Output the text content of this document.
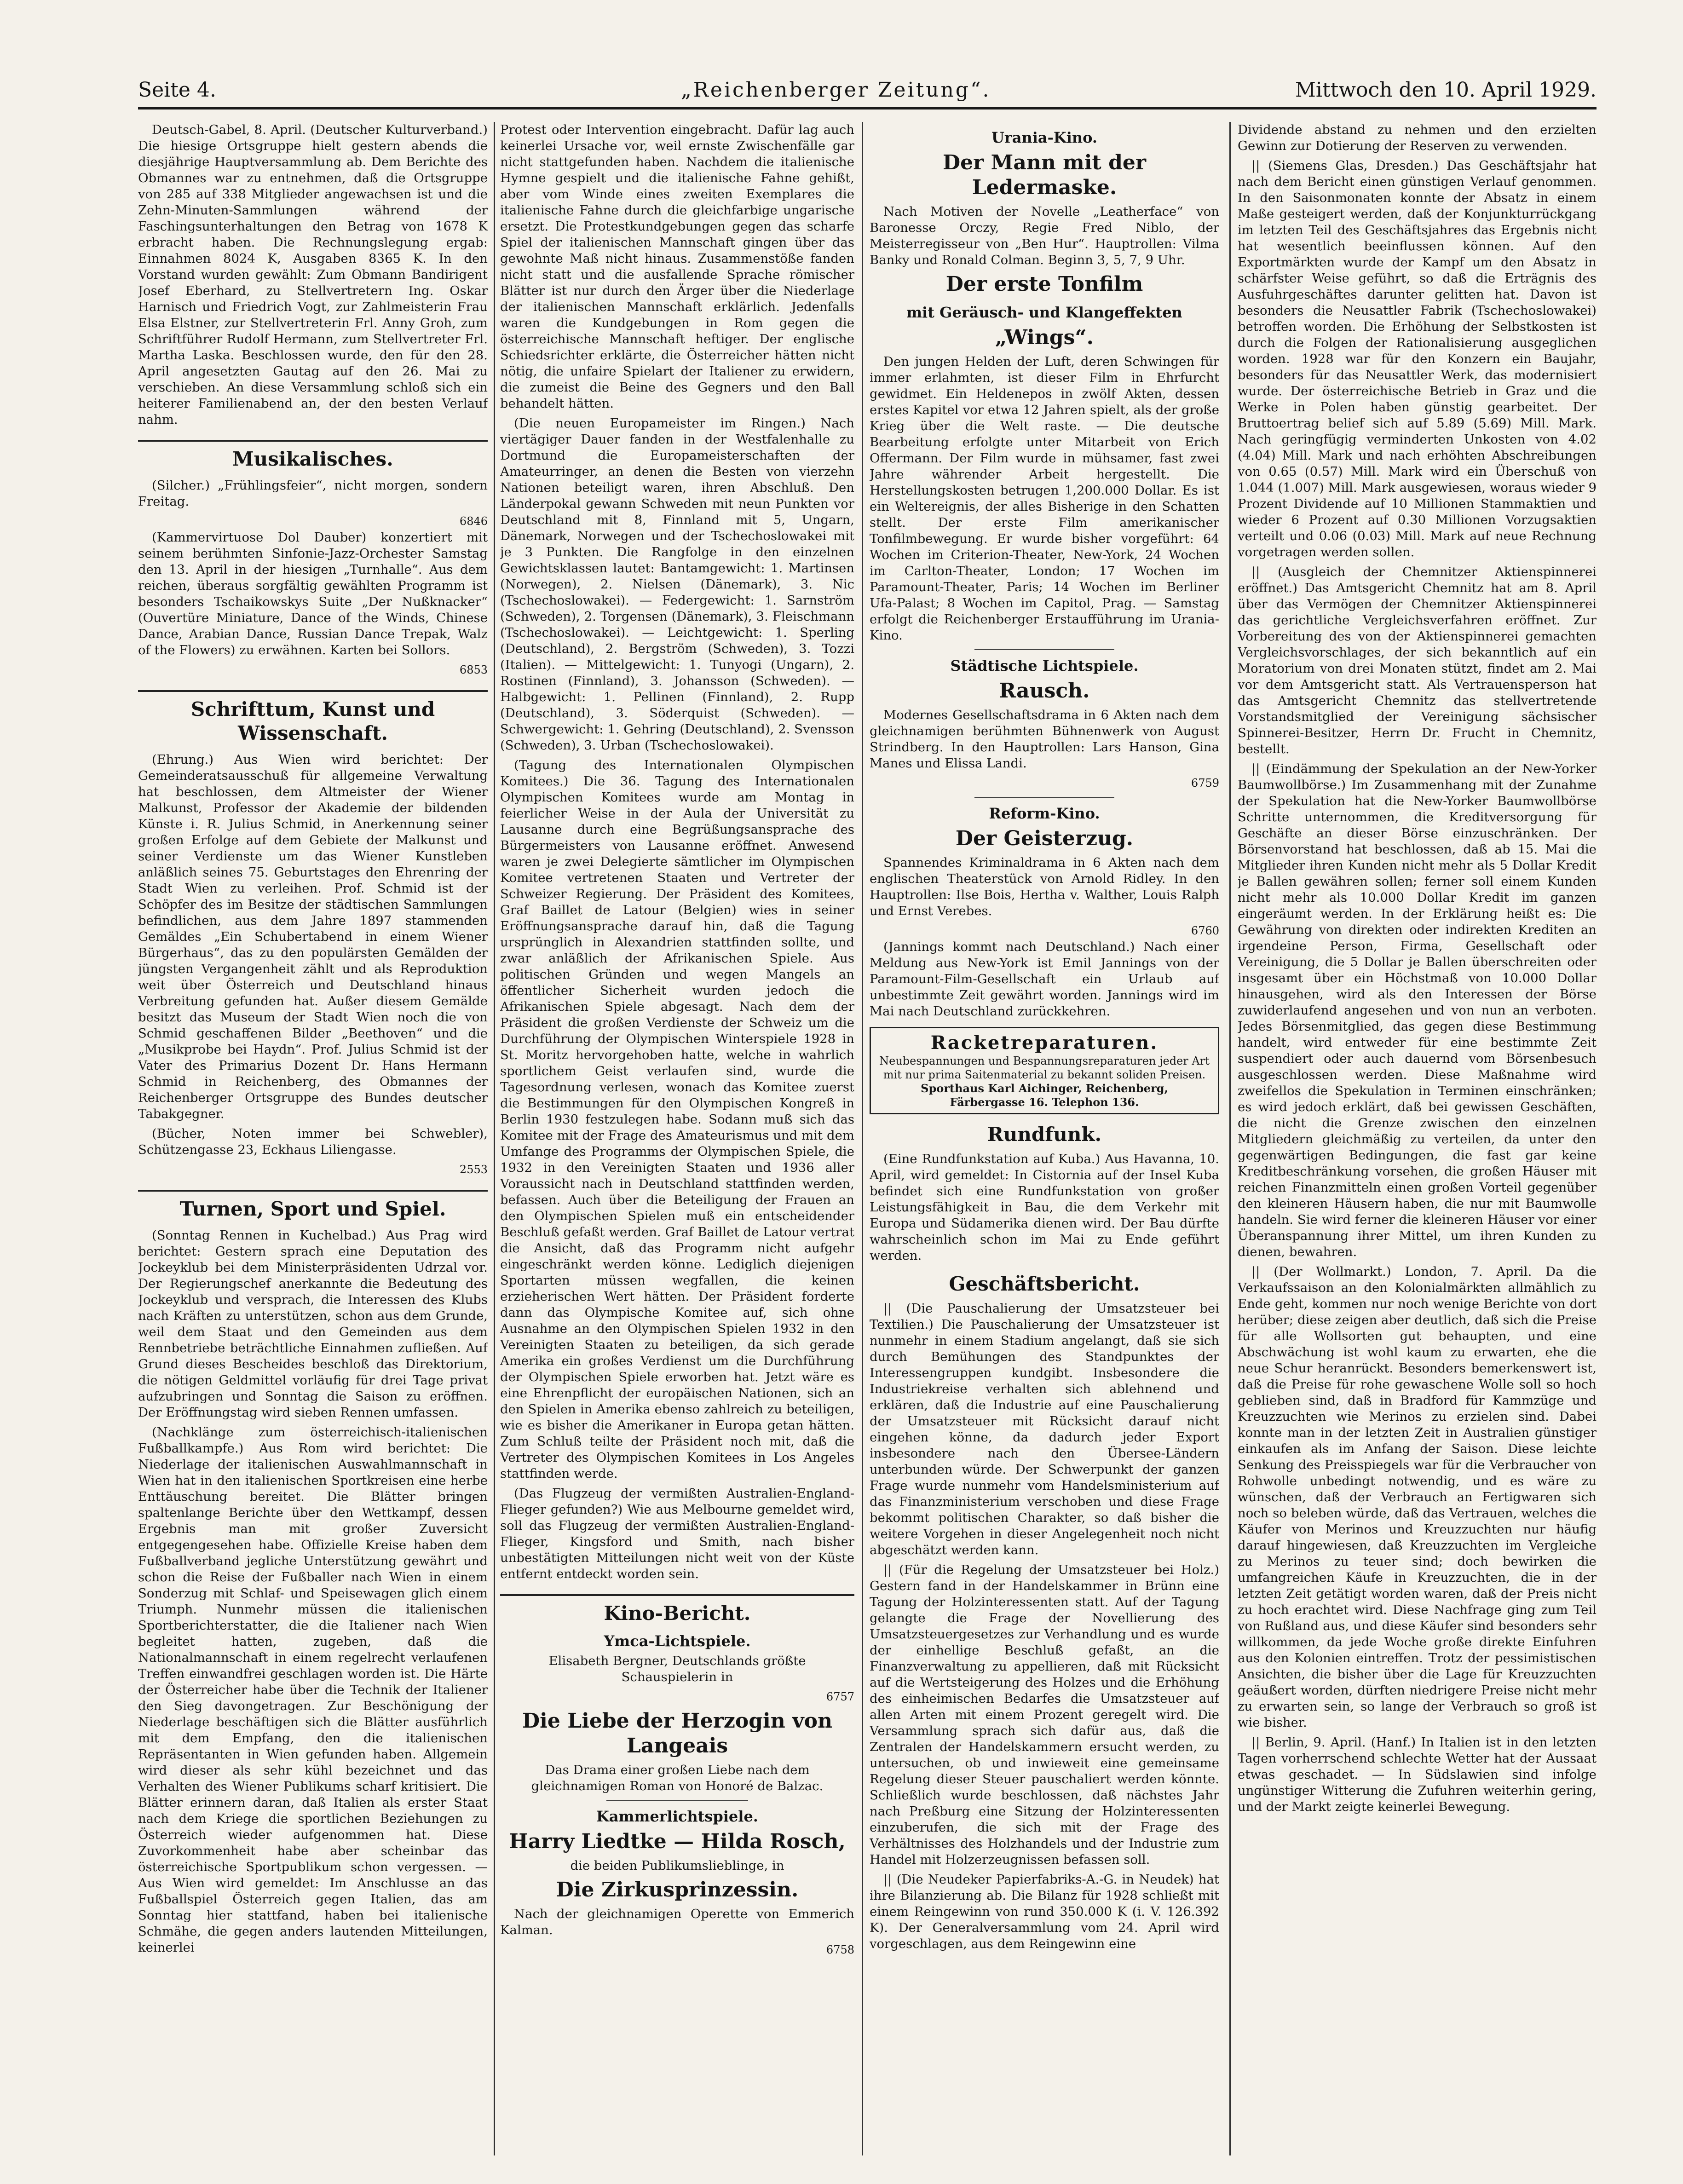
Seite 4.	„Reichenberger Zeitung“.	Mittwoch den 10. April 1929.

Deutsch-Gabel, 8. April. (Deutscher Kulturverband.) Die hiesige Ortsgruppe hielt gestern abends die diesjährige Hauptversammlung ab. Dem Berichte des Obmannes war zu entnehmen, daß die Ortsgruppe von 285 auf 338 Mitglieder angewachsen ist und die Zehn-Minuten-Sammlungen während der Faschingsunterhaltungen den Betrag von 1678 K erbracht haben. Die Rechnungslegung ergab: Einnahmen 8024 K, Ausgaben 8365 K. In den Vorstand wurden gewählt: Zum Obmann Bandirigent Josef Eberhard, zu Stellvertretern Ing. Oskar Harnisch und Friedrich Vogt, zur Zahlmeisterin Frau Elsa Elstner, zur Stellvertreterin Frl. Anny Groh, zum Schriftführer Rudolf Hermann, zum Stellvertreter Frl. Martha Laska. Beschlossen wurde, den für den 28. April angesetzten Gautag auf den 26. Mai zu verschieben. An diese Versammlung schloß sich ein heiterer Familienabend an, der den besten Verlauf nahm.

Musikalisches.

(Silcher.) „Frühlingsfeier“, nicht morgen, sondern Freitag.

6846

(Kammervirtuose Dol Dauber) konzertiert mit seinem berühmten Sinfonie-Jazz-Orchester Samstag den 13. April in der hiesigen „Turnhalle“. Aus dem reichen, überaus sorgfältig gewählten Programm ist besonders Tschaikowskys Suite „Der Nußknacker“ (Ouvertüre Miniature, Dance of the Winds, Chinese Dance, Arabian Dance, Russian Dance Trepak, Walz of the Flowers) zu erwähnen. Karten bei Sollors.

6853
Schrifttum, Kunst und Wissenschaft.

(Ehrung.) Aus Wien wird berichtet: Der Gemeinderatsausschuß für allgemeine Verwaltung hat beschlossen, dem Altmeister der Wiener Malkunst, Professor der Akademie der bildenden Künste i. R. Julius Schmid, in Anerkennung seiner großen Erfolge auf dem Gebiete der Malkunst und seiner Verdienste um das Wiener Kunstleben anläßlich seines 75. Geburtstages den Ehrenring der Stadt Wien zu verleihen. Prof. Schmid ist der Schöpfer des im Besitze der städtischen Sammlungen befindlichen, aus dem Jahre 1897 stammenden Gemäldes „Ein Schubertabend in einem Wiener Bürgerhaus“, das zu den populärsten Gemälden der jüngsten Vergangenheit zählt und als Reproduktion weit über Österreich und Deutschland hinaus Verbreitung gefunden hat. Außer diesem Gemälde besitzt das Museum der Stadt Wien noch die von Schmid geschaffenen Bilder „Beethoven“ und die „Musikprobe bei Haydn“. Prof. Julius Schmid ist der Vater des Primarius Dozent Dr. Hans Hermann Schmid in Reichenberg, des Obmannes der Reichenberger Ortsgruppe des Bundes deutscher Tabakgegner.

(Bücher, Noten immer bei Schwebler), Schützengasse 23, Eckhaus Liliengasse.

2553
Turnen, Sport und Spiel.

(Sonntag Rennen in Kuchelbad.) Aus Prag wird berichtet: Gestern sprach eine Deputation des Jockeyklub bei dem Ministerpräsidenten Udrzal vor. Der Regierungschef anerkannte die Bedeutung des Jockeyklub und versprach, die Interessen des Klubs nach Kräften zu unterstützen, schon aus dem Grunde, weil dem Staat und den Gemeinden aus dem Rennbetriebe beträchtliche Einnahmen zufließen. Auf Grund dieses Bescheides beschloß das Direktorium, die nötigen Geldmittel vorläufig für drei Tage privat aufzubringen und Sonntag die Saison zu eröffnen. Der Eröffnungstag wird sieben Rennen umfassen.

(Nachklänge zum österreichisch-italienischen Fußballkampfe.) Aus Rom wird berichtet: Die Niederlage der italienischen Auswahlmannschaft in Wien hat in den italienischen Sportkreisen eine herbe Enttäuschung bereitet. Die Blätter bringen spaltenlange Berichte über den Wettkampf, dessen Ergebnis man mit großer Zuversicht entgegengesehen habe. Offizielle Kreise haben dem Fußballverband jegliche Unterstützung gewährt und schon die Reise der Fußballer nach Wien in einem Sonderzug mit Schlaf- und Speisewagen glich einem Triumph. Nunmehr müssen die italienischen Sportberichterstatter, die die Italiener nach Wien begleitet hatten, zugeben, daß die Nationalmannschaft in einem regelrecht verlaufenen Treffen einwandfrei geschlagen worden ist. Die Härte der Österreicher habe über die Technik der Italiener den Sieg davongetragen. Zur Beschönigung der Niederlage beschäftigen sich die Blätter ausführlich mit dem Empfang, den die italienischen Repräsentanten in Wien gefunden haben. Allgemein wird dieser als sehr kühl bezeichnet und das Verhalten des Wiener Publikums scharf kritisiert. Die Blätter erinnern daran, daß Italien als erster Staat nach dem Kriege die sportlichen Beziehungen zu Österreich wieder aufgenommen hat. Diese Zuvorkommenheit habe aber scheinbar das österreichische Sportpublikum schon vergessen. — Aus Wien wird gemeldet: Im Anschlusse an das Fußballspiel Österreich gegen Italien, das am Sonntag hier stattfand, haben bei italienische Schmähe, die gegen anders lautenden Mitteilungen, keinerlei

Protest oder Intervention eingebracht. Dafür lag auch keinerlei Ursache vor, weil ernste Zwischenfälle gar nicht stattgefunden haben. Nachdem die italienische Hymne gespielt und die italienische Fahne gehißt, aber vom Winde eines zweiten Exemplares die italienische Fahne durch die gleichfarbige ungarische ersetzt. Die Protestkundgebungen gegen das scharfe Spiel der italienischen Mannschaft gingen über das gewohnte Maß nicht hinaus. Zusammenstöße fanden nicht statt und die ausfallende Sprache römischer Blätter ist nur durch den Ärger über die Niederlage der italienischen Mannschaft erklärlich. Jedenfalls waren die Kundgebungen in Rom gegen die österreichische Mannschaft heftiger. Der englische Schiedsrichter erklärte, die Österreicher hätten nicht nötig, die unfaire Spielart der Italiener zu erwidern, die zumeist die Beine des Gegners und den Ball behandelt hätten.

(Die neuen Europameister im Ringen.) Nach viertägiger Dauer fanden in der Westfalenhalle zu Dortmund die Europameisterschaften der Amateurringer, an denen die Besten von vierzehn Nationen beteiligt waren, ihren Abschluß. Den Länderpokal gewann Schweden mit neun Punkten vor Deutschland mit 8, Finnland mit 5, Ungarn, Dänemark, Norwegen und der Tschechoslowakei mit je 3 Punkten. Die Rangfolge in den einzelnen Gewichtsklassen lautet: Bantamgewicht: 1. Martinsen (Norwegen), 2. Nielsen (Dänemark), 3. Nic (Tschechoslowakei). — Federgewicht: 1. Sarnström (Schweden), 2. Torgensen (Dänemark), 3. Fleischmann (Tschechoslowakei). — Leichtgewicht: 1. Sperling (Deutschland), 2. Bergström (Schweden), 3. Tozzi (Italien). — Mittelgewicht: 1. Tunyogi (Ungarn), 2. Rostinen (Finnland), 3. Johansson (Schweden). — Halbgewicht: 1. Pellinen (Finnland), 2. Rupp (Deutschland), 3. Söderquist (Schweden). — Schwergewicht: 1. Gehring (Deutschland), 2. Svensson (Schweden), 3. Urban (Tschechoslowakei).

(Tagung des Internationalen Olympischen Komitees.) Die 36. Tagung des Internationalen Olympischen Komitees wurde am Montag in feierlicher Weise in der Aula der Universität zu Lausanne durch eine Begrüßungsansprache des Bürgermeisters von Lausanne eröffnet. Anwesend waren je zwei Delegierte sämtlicher im Olympischen Komitee vertretenen Staaten und Vertreter der Schweizer Regierung. Der Präsident des Komitees, Graf Baillet de Latour (Belgien) wies in seiner Eröffnungsansprache darauf hin, daß die Tagung ursprünglich in Alexandrien stattfinden sollte, und zwar anläßlich der Afrikanischen Spiele. Aus politischen Gründen und wegen Mangels an öffentlicher Sicherheit wurden jedoch die Afrikanischen Spiele abgesagt. Nach dem der Präsident die großen Verdienste der Schweiz um die Durchführung der Olympischen Winterspiele 1928 in St. Moritz hervorgehoben hatte, welche in wahrlich sportlichem Geist verlaufen sind, wurde die Tagesordnung verlesen, wonach das Komitee zuerst die Bestimmungen für den Olympischen Kongreß in Berlin 1930 festzulegen habe. Sodann muß sich das Komitee mit der Frage des Amateurismus und mit dem Umfange des Programms der Olympischen Spiele, die 1932 in den Vereinigten Staaten und 1936 aller Voraussicht nach in Deutschland stattfinden werden, befassen. Auch über die Beteiligung der Frauen an den Olympischen Spielen muß ein entscheidender Beschluß gefaßt werden. Graf Baillet de Latour vertrat die Ansicht, daß das Programm nicht aufgehr eingeschränkt werden könne. Lediglich diejenigen Sportarten müssen wegfallen, die keinen erzieherischen Wert hätten. Der Präsident forderte dann das Olympische Komitee auf, sich ohne Ausnahme an den Olympischen Spielen 1932 in den Vereinigten Staaten zu beteiligen, da sich gerade Amerika ein großes Verdienst um die Durchführung der Olympischen Spiele erworben hat. Jetzt wäre es eine Ehrenpflicht der europäischen Nationen, sich an den Spielen in Amerika ebenso zahlreich zu beteiligen, wie es bisher die Amerikaner in Europa getan hätten. Zum Schluß teilte der Präsident noch mit, daß die Vertreter des Olympischen Komitees in Los Angeles stattfinden werde.

(Das Flugzeug der vermißten Australien-England-Flieger gefunden?) Wie aus Melbourne gemeldet wird, soll das Flugzeug der vermißten Australien-England-Flieger, Kingsford und Smith, nach bisher unbestätigten Mitteilungen nicht weit von der Küste entfernt entdeckt worden sein.

Kino-Bericht.
Ymca-Lichtspiele.

Elisabeth Bergner, Deutschlands größte Schauspielerin in

6757
Die Liebe der Herzogin von Langeais

Das Drama einer großen Liebe nach dem gleichnamigen Roman von Honoré de Balzac.

Kammerlichtspiele.
Harry Liedtke — Hilda Rosch,

die beiden Publikumslieblinge, in

Die Zirkusprinzessin.

Nach der gleichnamigen Operette von Emmerich Kalman.

6758
Urania-Kino.
Der Mann mit der Ledermaske.

Nach Motiven der Novelle „Leatherface“ von Baronesse Orczy, Regie Fred Niblo, der Meisterregisseur von „Ben Hur“. Hauptrollen: Vilma Banky und Ronald Colman. Beginn 3, 5, 7, 9 Uhr.

Der erste Tonfilm
mit Geräusch- und Klangeffekten
„Wings“.

Den jungen Helden der Luft, deren Schwingen für immer erlahmten, ist dieser Film in Ehrfurcht gewidmet. Ein Heldenepos in zwölf Akten, dessen erstes Kapitel vor etwa 12 Jahren spielt, als der große Krieg über die Welt raste. — Die deutsche Bearbeitung erfolgte unter Mitarbeit von Erich Offermann. Der Film wurde in mühsamer, fast zwei Jahre währender Arbeit hergestellt. Die Herstellungskosten betrugen 1,200.000 Dollar. Es ist ein Weltereignis, der alles Bisherige in den Schatten stellt. Der erste Film amerikanischer Tonfilmbewegung. Er wurde bisher vorgeführt: 64 Wochen im Criterion-Theater, New-York, 24 Wochen im Carlton-Theater, London; 17 Wochen im Paramount-Theater, Paris; 14 Wochen im Berliner Ufa-Palast; 8 Wochen im Capitol, Prag. — Samstag erfolgt die Reichenberger Erstaufführung im Urania-Kino.

Städtische Lichtspiele.
Rausch.

Modernes Gesellschaftsdrama in 6 Akten nach dem gleichnamigen berühmten Bühnenwerk von August Strindberg. In den Hauptrollen: Lars Hanson, Gina Manes und Elissa Landi.

6759
Reform-Kino.
Der Geisterzug.

Spannendes Kriminaldrama in 6 Akten nach dem englischen Theaterstück von Arnold Ridley. In den Hauptrollen: Ilse Bois, Hertha v. Walther, Louis Ralph und Ernst Verebes.

6760

(Jannings kommt nach Deutschland.) Nach einer Meldung aus New-York ist Emil Jannings von der Paramount-Film-Gesellschaft ein Urlaub auf unbestimmte Zeit gewährt worden. Jannings wird im Mai nach Deutschland zurückkehren.

Racketreparaturen.
Neubespannungen und Bespannungsreparaturen jeder Art mit nur prima Saitenmaterial zu bekannt soliden Preisen.
Sporthaus Karl Aichinger, Reichenberg,
Färbergasse 16. Telephon 136.
Rundfunk.

(Eine Rundfunkstation auf Kuba.) Aus Havanna, 10. April, wird gemeldet: In Cistornia auf der Insel Kuba befindet sich eine Rundfunkstation von großer Leistungsfähigkeit in Bau, die dem Verkehr mit Europa und Südamerika dienen wird. Der Bau dürfte wahrscheinlich schon im Mai zu Ende geführt werden.

Geschäftsbericht.

|| (Die Pauschalierung der Umsatzsteuer bei Textilien.) Die Pauschalierung der Umsatzsteuer ist nunmehr in einem Stadium angelangt, daß sie sich durch Bemühungen des Standpunktes der Interessengruppen kundgibt. Insbesondere die Industriekreise verhalten sich ablehnend und erklären, daß die Industrie auf eine Pauschalierung der Umsatzsteuer mit Rücksicht darauf nicht eingehen könne, da dadurch jeder Export insbesondere nach den Übersee-Ländern unterbunden würde. Der Schwerpunkt der ganzen Frage wurde nunmehr vom Handelsministerium auf das Finanzministerium verschoben und diese Frage bekommt politischen Charakter, so daß bisher die weitere Vorgehen in dieser Angelegenheit noch nicht abgeschätzt werden kann.

|| (Für die Regelung der Umsatzsteuer bei Holz.) Gestern fand in der Handelskammer in Brünn eine Tagung der Holzinteressenten statt. Auf der Tagung gelangte die Frage der Novellierung des Umsatzsteuergesetzes zur Verhandlung und es wurde der einhellige Beschluß gefaßt, an die Finanzverwaltung zu appellieren, daß mit Rücksicht auf die Wertsteigerung des Holzes und die Erhöhung des einheimischen Bedarfes die Umsatzsteuer auf allen Arten mit einem Prozent geregelt wird. Die Versammlung sprach sich dafür aus, daß die Zentralen der Handelskammern ersucht werden, zu untersuchen, ob und inwieweit eine gemeinsame Regelung dieser Steuer pauschaliert werden könnte. Schließlich wurde beschlossen, daß nächstes Jahr nach Preßburg eine Sitzung der Holzinteressenten einzuberufen, die sich mit der Frage des Verhältnisses des Holzhandels und der Industrie zum Handel mit Holzerzeugnissen befassen soll.

|| (Die Neudeker Papierfabriks-A.-G. in Neudek) hat ihre Bilanzierung ab. Die Bilanz für 1928 schließt mit einem Reingewinn von rund 350.000 K (i. V. 126.392 K). Der Generalversammlung vom 24. April wird vorgeschlagen, aus dem Reingewinn eine

Dividende abstand zu nehmen und den erzielten Gewinn zur Dotierung der Reserven zu verwenden.

|| (Siemens Glas, Dresden.) Das Geschäftsjahr hat nach dem Bericht einen günstigen Verlauf genommen. In den Saisonmonaten konnte der Absatz in einem Maße gesteigert werden, daß der Konjunkturrückgang im letzten Teil des Geschäftsjahres das Ergebnis nicht hat wesentlich beeinflussen können. Auf den Exportmärkten wurde der Kampf um den Absatz in schärfster Weise geführt, so daß die Erträgnis des Ausfuhrgeschäftes darunter gelitten hat. Davon ist besonders die Neusattler Fabrik (Tschechoslowakei) betroffen worden. Die Erhöhung der Selbstkosten ist durch die Folgen der Rationalisierung ausgeglichen worden. 1928 war für den Konzern ein Baujahr, besonders für das Neusattler Werk, das modernisiert wurde. Der österreichische Betrieb in Graz und die Werke in Polen haben günstig gearbeitet. Der Bruttoertrag belief sich auf 5.89 (5.69) Mill. Mark. Nach geringfügig verminderten Unkosten von 4.02 (4.04) Mill. Mark und nach erhöhten Abschreibungen von 0.65 (0.57) Mill. Mark wird ein Überschuß von 1.044 (1.007) Mill. Mark ausgewiesen, woraus wieder 9 Prozent Dividende auf 10 Millionen Stammaktien und wieder 6 Prozent auf 0.30 Millionen Vorzugsaktien verteilt und 0.06 (0.03) Mill. Mark auf neue Rechnung vorgetragen werden sollen.

|| (Ausgleich der Chemnitzer Aktienspinnerei eröffnet.) Das Amtsgericht Chemnitz hat am 8. April über das Vermögen der Chemnitzer Aktienspinnerei das gerichtliche Vergleichsverfahren eröffnet. Zur Vorbereitung des von der Aktienspinnerei gemachten Vergleichsvorschlages, der sich bekanntlich auf ein Moratorium von drei Monaten stützt, findet am 2. Mai vor dem Amtsgericht statt. Als Vertrauensperson hat das Amtsgericht Chemnitz das stellvertretende Vorstandsmitglied der Vereinigung sächsischer Spinnerei-Besitzer, Herrn Dr. Frucht in Chemnitz, bestellt.

|| (Eindämmung der Spekulation an der New-Yorker Baumwollbörse.) Im Zusammenhang mit der Zunahme der Spekulation hat die New-Yorker Baumwollbörse Schritte unternommen, die Kreditversorgung für Geschäfte an dieser Börse einzuschränken. Der Börsenvorstand hat beschlossen, daß ab 15. Mai die Mitglieder ihren Kunden nicht mehr als 5 Dollar Kredit je Ballen gewähren sollen; ferner soll einem Kunden nicht mehr als 10.000 Dollar Kredit im ganzen eingeräumt werden. In der Erklärung heißt es: Die Gewährung von direkten oder indirekten Krediten an irgendeine Person, Firma, Gesellschaft oder Vereinigung, die 5 Dollar je Ballen überschreiten oder insgesamt über ein Höchstmaß von 10.000 Dollar hinausgehen, wird als den Interessen der Börse zuwiderlaufend angesehen und von nun an verboten. Jedes Börsenmitglied, das gegen diese Bestimmung handelt, wird entweder für eine bestimmte Zeit suspendiert oder auch dauernd vom Börsenbesuch ausgeschlossen werden. Diese Maßnahme wird zweifellos die Spekulation in Terminen einschränken; es wird jedoch erklärt, daß bei gewissen Geschäften, die nicht die Grenze zwischen den einzelnen Mitgliedern gleichmäßig zu verteilen, da unter den gegenwärtigen Bedingungen, die fast gar keine Kreditbeschränkung vorsehen, die großen Häuser mit reichen Finanzmitteln einen großen Vorteil gegenüber den kleineren Häusern haben, die nur mit Baumwolle handeln. Sie wird ferner die kleineren Häuser vor einer Überanspannung ihrer Mittel, um ihren Kunden zu dienen, bewahren.

|| (Der Wollmarkt.) London, 7. April. Da die Verkaufssaison an den Kolonialmärkten allmählich zu Ende geht, kommen nur noch wenige Berichte von dort herüber; diese zeigen aber deutlich, daß sich die Preise für alle Wollsorten gut behaupten, und eine Abschwächung ist wohl kaum zu erwarten, ehe die neue Schur heranrückt. Besonders bemerkenswert ist, daß die Preise für rohe gewaschene Wolle soll so hoch geblieben sind, daß in Bradford für Kammzüge und Kreuzzuchten wie Merinos zu erzielen sind. Dabei konnte man in der letzten Zeit in Australien günstiger einkaufen als im Anfang der Saison. Diese leichte Senkung des Preisspiegels war für die Verbraucher von Rohwolle unbedingt notwendig, und es wäre zu wünschen, daß der Verbrauch an Fertigwaren sich noch so beleben würde, daß das Vertrauen, welches die Käufer von Merinos und Kreuzzuchten nur häufig darauf hingewiesen, daß Kreuzzuchten im Vergleiche zu Merinos zu teuer sind; doch bewirken die umfangreichen Käufe in Kreuzzuchten, die in der letzten Zeit getätigt worden waren, daß der Preis nicht zu hoch erachtet wird. Diese Nachfrage ging zum Teil von Rußland aus, und diese Käufer sind besonders sehr willkommen, da jede Woche große direkte Einfuhren aus den Kolonien eintreffen. Trotz der pessimistischen Ansichten, die bisher über die Lage für Kreuzzuchten geäußert worden, dürften niedrigere Preise nicht mehr zu erwarten sein, so lange der Verbrauch so groß ist wie bisher.

|| Berlin, 9. April. (Hanf.) In Italien ist in den letzten Tagen vorherrschend schlechte Wetter hat der Aussaat etwas geschadet. — In Südslawien sind infolge ungünstiger Witterung die Zufuhren weiterhin gering, und der Markt zeigte keinerlei Bewegung.
